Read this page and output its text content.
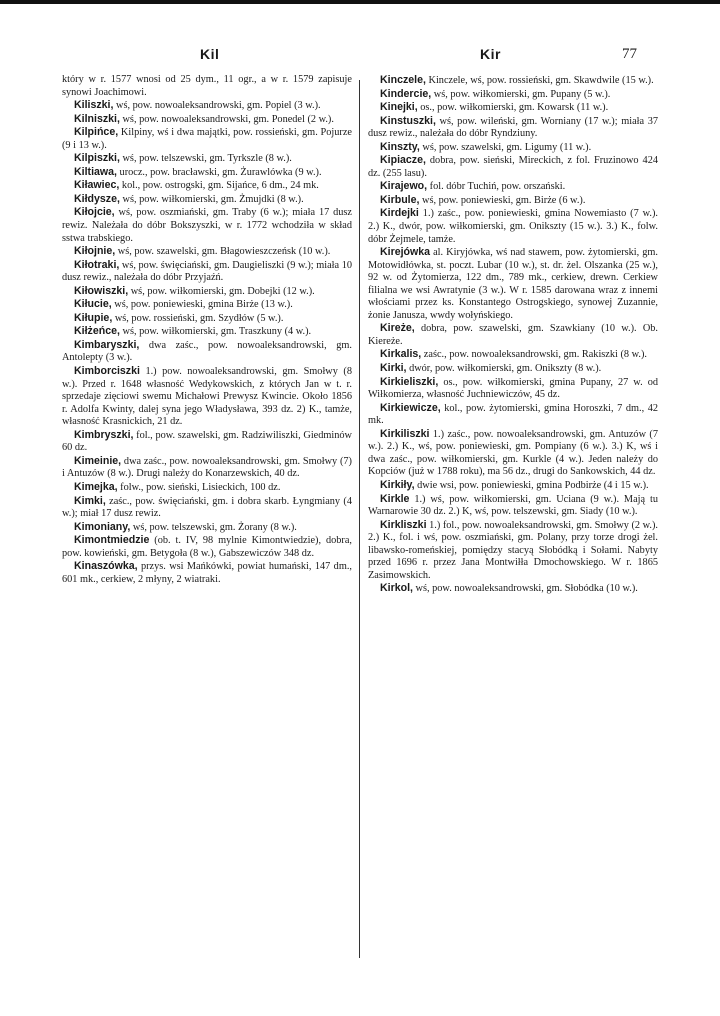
Kil	Kir	77

który w r. 1577 wnosi od 25 dym., 11 ogr., a w r. 1579 zapisuje synowi Joachimowi.

Kiliszki, wś, pow. nowoaleksandrowski, gm. Popiel (3 w.).

Kilniszki, wś, pow. nowoaleksandrowski, gm. Ponedel (2 w.).

Kilpińce, Kilpiny, wś i dwa majątki, pow. rossieński, gm. Pojurze (9 i 13 w.).

Kilpiszki, wś, pow. telszewski, gm. Tyrkszle (8 w.).

Kiltiawa, urocz., pow. bracławski, gm. Żurawlówka (9 w.).

Kiławiec, kol., pow. ostrogski, gm. Sijańce, 6 dm., 24 mk.

Kiłdysze, wś, pow. wiłkomierski, gm. Żmujdki (8 w.).

Kiłojcie, wś, pow. oszmiański, gm. Traby (6 w.); miała 17 dusz rewiz. Należała do dóbr Bokszyszki, w r. 1772 wchodziła w skład sstwa trabskiego.

Kiłojnie, wś, pow. szawelski, gm. Błagowieszczeńsk (10 w.).

Kiłotraki, wś, pow. święciański, gm. Daugieliszki (9 w.); miała 10 dusz rewiz., należała do dóbr Przyjaźń.

Kiłowiszki, wś, pow. wiłkomierski, gm. Dobejki (12 w.).

Kiłucie, wś, pow. poniewieski, gmina Birże (13 w.).

Kiłupie, wś, pow. rossieński, gm. Szydłów (5 w.).

Kiłżeńce, wś, pow. wiłkomierski, gm. Traszkuny (4 w.).

Kimbaryszki, dwa zaśc., pow. nowoaleksandrowski, gm. Antolepty (3 w.).

Kimborciszki 1.) pow. nowoaleksandrowski, gm. Smołwy (8 w.). Przed r. 1648 własność Wedykowskich, z których Jan w t. r. sprzedaje zięciowi swemu Michałowi Prewysz Kwincie. Około 1856 r. Adolfa Kwinty, dalej syna jego Władysława, 393 dz. 2) K., tamże, własność Krasnickich, 21 dz.

Kimbryszki, fol., pow. szawelski, gm. Radziwiliszki, Giedminów 60 dz.

Kimeinie, dwa zaśc., pow. nowoaleksandrowski, gm. Smołwy (7) i Antuzów (8 w.). Drugi należy do Konarzewskich, 40 dz.

Kimejka, folw., pow. sieński, Lisieckich, 100 dz.

Kimki, zaśc., pow. święciański, gm. i dobra skarb. Łyngmiany (4 w.); miał 17 dusz rewiz.

Kimoniany, wś, pow. telszewski, gm. Żorany (8 w.).

Kimontmiedzie (ob. t. IV, 98 mylnie Kimontwiedzie), dobra, pow. kowieński, gm. Betygoła (8 w.), Gabszewiczów 348 dz.

Kinaszówka, przys. wsi Mańkówki, powiat humański, 147 dm., 601 mk., cerkiew, 2 młyny, 2 wiatraki.

Kinczele, Kinczele, wś, pow. rossieński, gm. Skawdwile (15 w.).

Kindercie, wś, pow. wiłkomierski, gm. Pupany (5 w.).

Kinejki, os., pow. wiłkomierski, gm. Kowarsk (11 w.).

Kinstuszki, wś, pow. wileński, gm. Worniany (17 w.); miała 37 dusz rewiz., należała do dóbr Ryndziuny.

Kinszty, wś, pow. szawelski, gm. Ligumy (11 w.).

Kipiacze, dobra, pow. sieński, Mireckich, z fol. Fruzinowo 424 dz. (255 lasu).

Kirajewo, fol. dóbr Tuchiń, pow. orszański.

Kirbule, wś, pow. poniewieski, gm. Birże (6 w.).

Kirdejki 1.) zaśc., pow. poniewieski, gmina Nowemiasto (7 w.). 2.) K., dwór, pow. wiłkomierski, gm. Onikszty (15 w.). 3.) K., folw. dóbr Żejmele, tamże.

Kirejówka al. Kiryjówka, wś nad stawem, pow. żytomierski, gm. Motowidłówka, st. poczt. Lubar (10 w.), st. dr. żel. Olszanka (25 w.), 92 w. od Żytomierza, 122 dm., 789 mk., cerkiew, drewn. Cerkiew filialna we wsi Awratynie (3 w.). W r. 1585 darowana wraz z innemi włościami przez ks. Konstantego Ostrogskiego, synowej Zuzannie, żonie Janusza, wwdy wołyńskiego.

Kireże, dobra, pow. szawelski, gm. Szawkiany (10 w.). Ob. Kiereże.

Kirkalis, zaśc., pow. nowoaleksandrowski, gm. Rakiszki (8 w.).

Kirki, dwór, pow. wiłkomierski, gm. Onikszty (8 w.).

Kirkieliszki, os., pow. wiłkomierski, gmina Pupany, 27 w. od Wiłkomierza, własność Juchniewiczów, 45 dz.

Kirkiewicze, kol., pow. żytomierski, gmina Horoszki, 7 dm., 42 mk.

Kirkiliszki 1.) zaśc., pow. nowoaleksandrowski, gm. Antuzów (7 w.). 2.) K., wś, pow. poniewieski, gm. Pompiany (6 w.). 3.) K, wś i dwa zaśc., pow. wiłkomierski, gm. Kurkle (4 w.). Jeden należy do Kopciów (już w 1788 roku), ma 56 dz., drugi do Sankowskich, 44 dz.

Kirkiły, dwie wsi, pow. poniewieski, gmina Podbirże (4 i 15 w.).

Kirkle 1.) wś, pow. wiłkomierski, gm. Uciana (9 w.). Mają tu Warnarowie 30 dz. 2.) K, wś, pow. telszewski, gm. Siady (10 w.).

Kirkliszki 1.) fol., pow. nowoaleksandrowski, gm. Smołwy (2 w.). 2.) K., fol. i wś, pow. oszmiański, gm. Polany, przy torze drogi żel. libawsko-romeńskiej, pomiędzy stacyą Słobódką i Sołami. Nabyty przed 1696 r. przez Jana Montwiłła Dmochowskiego. W r. 1865 Zasimowskich.

Kirkol, wś, pow. nowoaleksandrowski, gm. Słobódka (10 w.).
